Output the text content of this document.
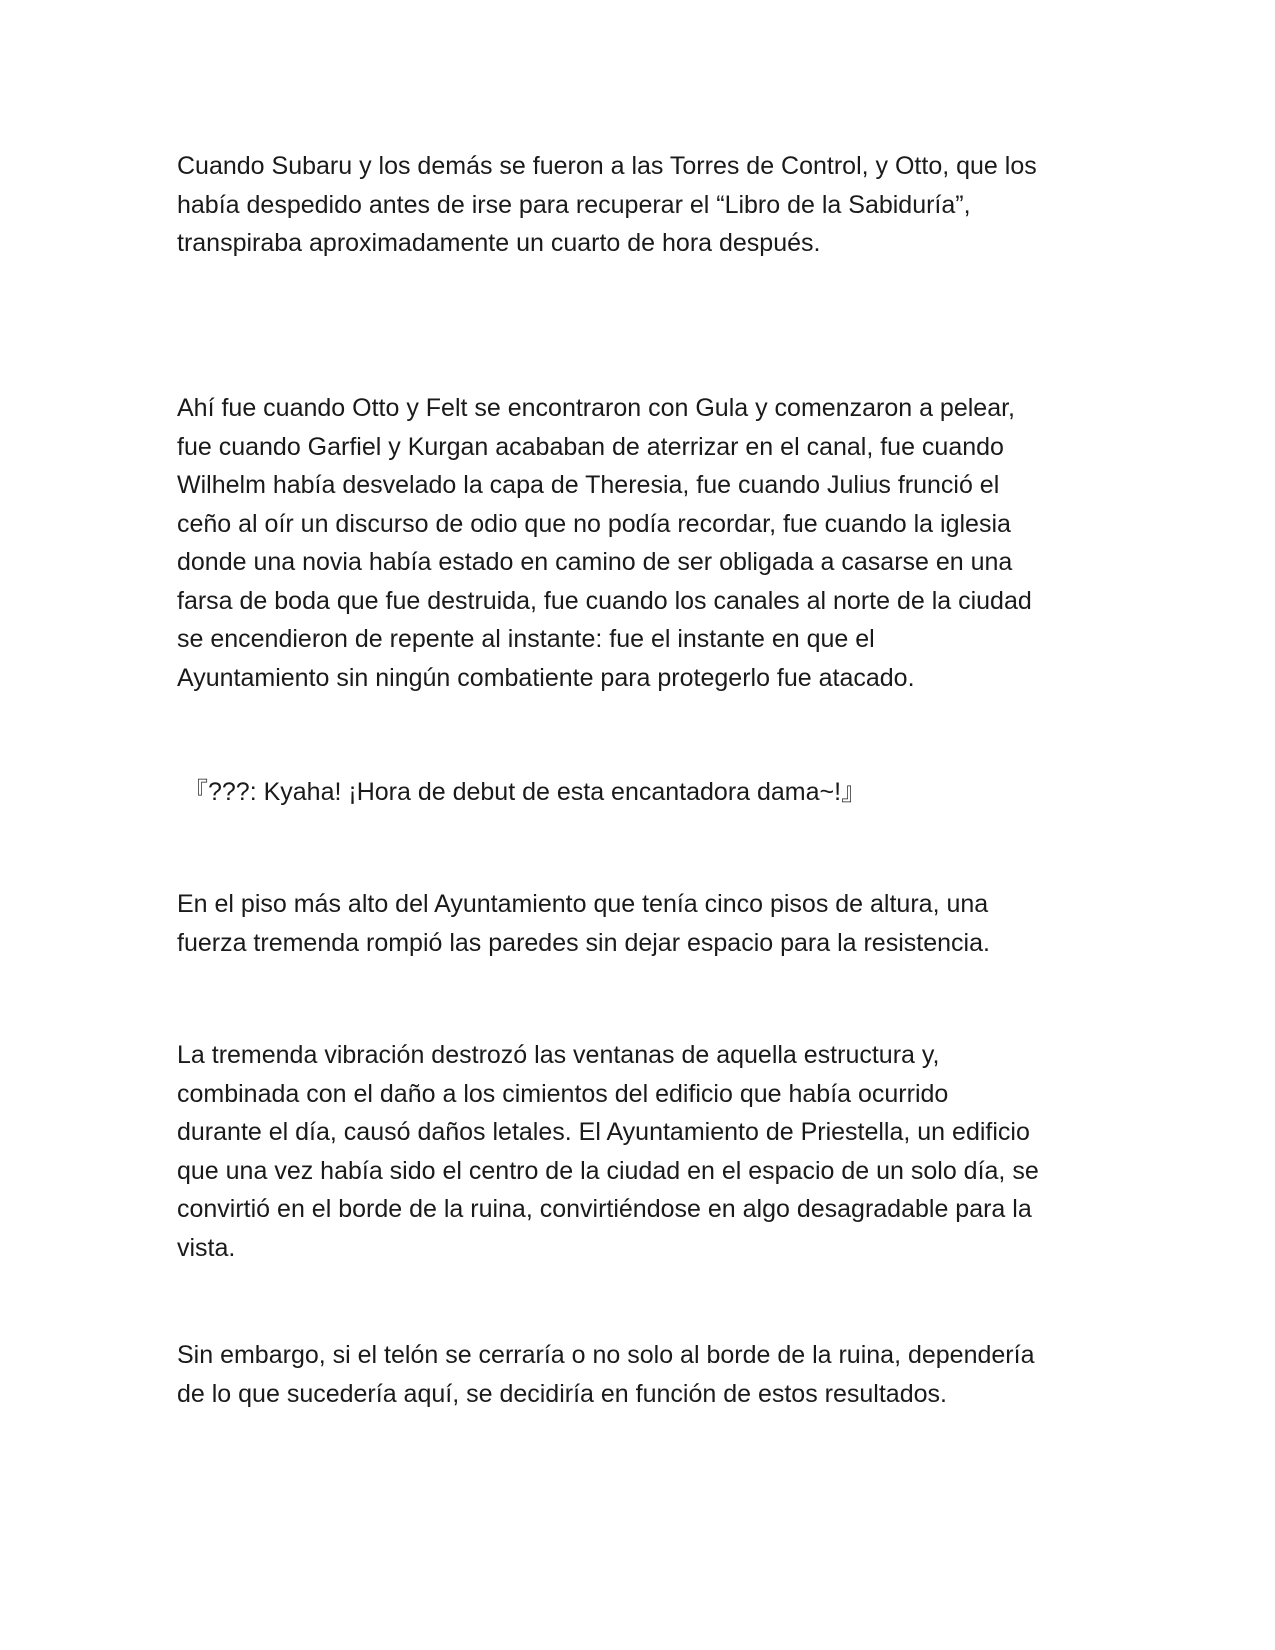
Cuando Subaru y los demás se fueron a las Torres de Control, y Otto, que los
había despedido antes de irse para recuperar el “Libro de la Sabiduría”,
transpiraba aproximadamente un cuarto de hora después.

Ahí fue cuando Otto y Felt se encontraron con Gula y comenzaron a pelear,
fue cuando Garfiel y Kurgan acababan de aterrizar en el canal, fue cuando
Wilhelm había desvelado la capa de Theresia, fue cuando Julius frunció el
ceño al oír un discurso de odio que no podía recordar, fue cuando la iglesia
donde una novia había estado en camino de ser obligada a casarse en una
farsa de boda que fue destruida, fue cuando los canales al norte de la ciudad
se encendieron de repente al instante: fue el instante en que el
Ayuntamiento sin ningún combatiente para protegerlo fue atacado.

『???: Kyaha! ¡Hora de debut de esta encantadora dama~!』

En el piso más alto del Ayuntamiento que tenía cinco pisos de altura, una
fuerza tremenda rompió las paredes sin dejar espacio para la resistencia.

La tremenda vibración destrozó las ventanas de aquella estructura y,
combinada con el daño a los cimientos del edificio que había ocurrido
durante el día, causó daños letales. El Ayuntamiento de Priestella, un edificio
que una vez había sido el centro de la ciudad en el espacio de un solo día, se
convirtió en el borde de la ruina, convirtiéndose en algo desagradable para la
vista.

Sin embargo, si el telón se cerraría o no solo al borde de la ruina, dependería
de lo que sucedería aquí, se decidiría en función de estos resultados.
